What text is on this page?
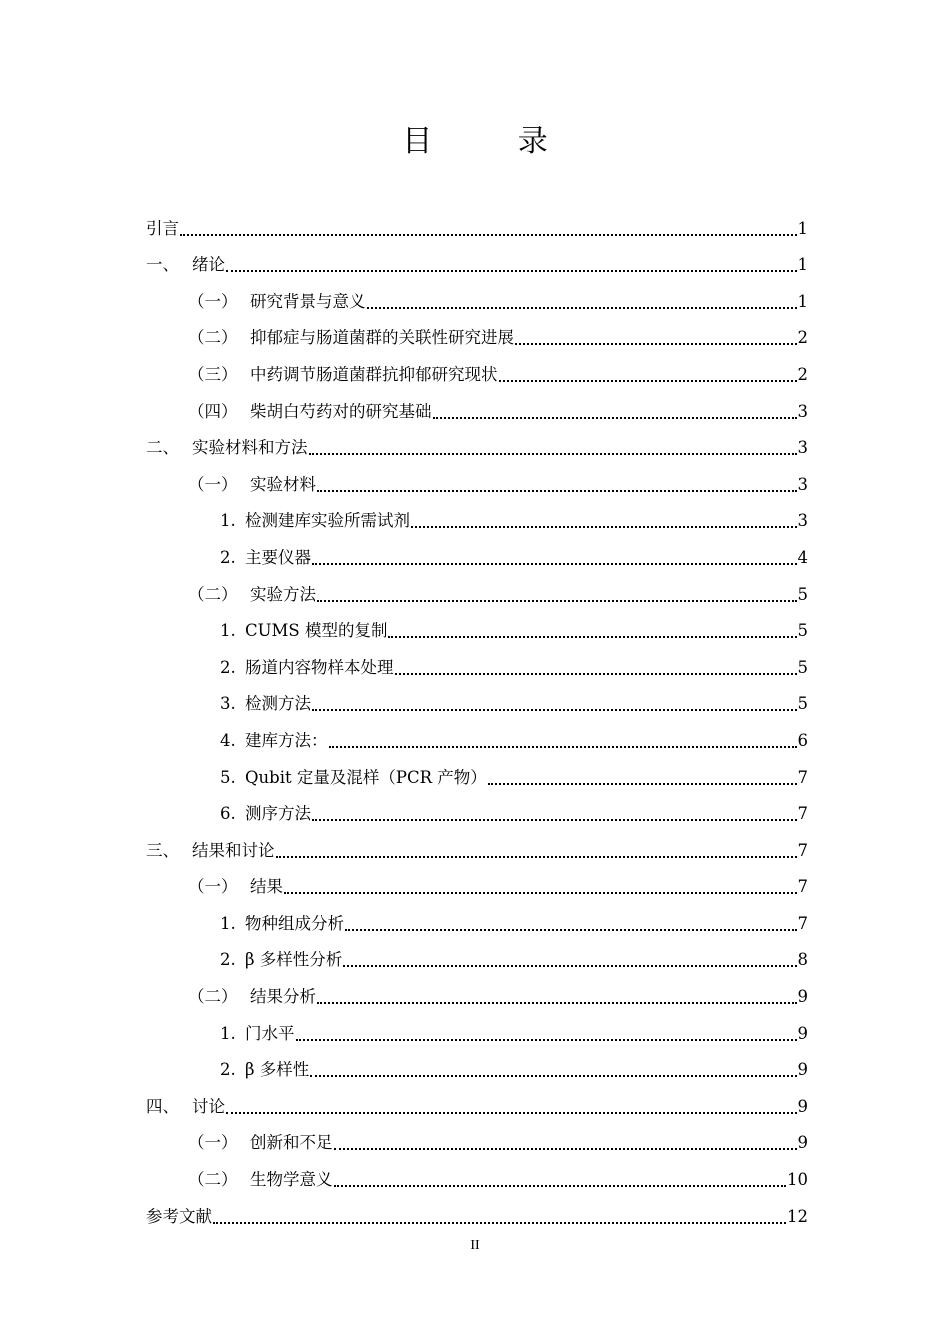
目 录
引言	1
一、 绪论	1
（一） 研究背景与意义	1
（二） 抑郁症与肠道菌群的关联性研究进展	2
（三） 中药调节肠道菌群抗抑郁研究现状	2
（四） 柴胡白芍药对的研究基础	3
二、 实验材料和方法	3
（一） 实验材料	3
1. 检测建库实验所需试剂	3
2. 主要仪器	4
（二） 实验方法	5
1. CUMS 模型的复制	5
2. 肠道内容物样本处理	5
3. 检测方法	5
4. 建库方法：	6
5. Qubit 定量及混样（PCR 产物）	7
6. 测序方法	7
三、 结果和讨论	7
（一） 结果	7
1. 物种组成分析	7
2. β 多样性分析	8
（二） 结果分析	9
1. 门水平	9
2. β 多样性	9
四、 讨论	9
（一） 创新和不足	9
（二） 生物学意义	10
参考文献	12
II
